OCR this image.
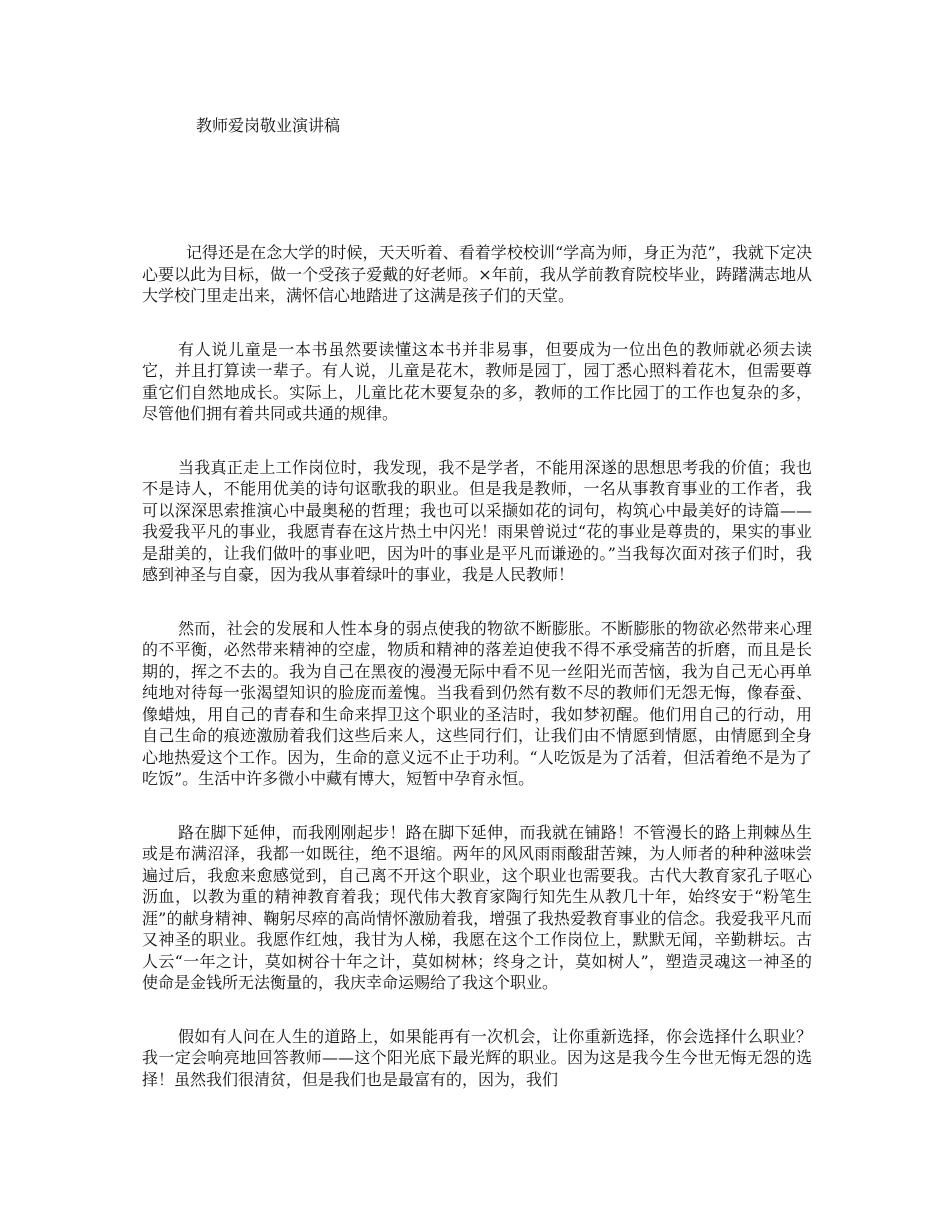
教师爱岗敬业演讲稿

记得还是在念大学的时候，天天听着、看着学校校训“学高为师，身正为范”，我就下定决心要以此为目标，做一个受孩子爱戴的好老师。×年前，我从学前教育院校毕业，踌躇满志地从大学校门里走出来，满怀信心地踏进了这满是孩子们的天堂。

有人说儿童是一本书虽然要读懂这本书并非易事，但要成为一位出色的教师就必须去读它，并且打算读一辈子。有人说，儿童是花木，教师是园丁，园丁悉心照料着花木，但需要尊重它们自然地成长。实际上，儿童比花木要复杂的多，教师的工作比园丁的工作也复杂的多，尽管他们拥有着共同或共通的规律。

当我真正走上工作岗位时，我发现，我不是学者，不能用深遂的思想思考我的价值；我也不是诗人，不能用优美的诗句讴歌我的职业。但是我是教师，一名从事教育事业的工作者，我可以深深思索推演心中最奥秘的哲理；我也可以采撷如花的词句，构筑心中最美好的诗篇——我爱我平凡的事业，我愿青春在这片热土中闪光！雨果曾说过“花的事业是尊贵的，果实的事业是甜美的，让我们做叶的事业吧，因为叶的事业是平凡而谦逊的。”当我每次面对孩子们时，我感到神圣与自豪，因为我从事着绿叶的事业，我是人民教师！

然而，社会的发展和人性本身的弱点使我的物欲不断膨胀。不断膨胀的物欲必然带来心理的不平衡，必然带来精神的空虚，物质和精神的落差迫使我不得不承受痛苦的折磨，而且是长期的，挥之不去的。我为自己在黑夜的漫漫无际中看不见一丝阳光而苦恼，我为自己无心再单纯地对待每一张渴望知识的脸庞而羞愧。当我看到仍然有数不尽的教师们无怨无悔，像春蚕、像蜡烛，用自己的青春和生命来捍卫这个职业的圣洁时，我如梦初醒。他们用自己的行动，用自己生命的痕迹激励着我们这些后来人，这些同行们，让我们由不情愿到情愿，由情愿到全身心地热爱这个工作。因为，生命的意义远不止于功利。“人吃饭是为了活着，但活着绝不是为了吃饭”。生活中许多微小中藏有博大，短暂中孕育永恒。

路在脚下延伸，而我刚刚起步！路在脚下延伸，而我就在铺路！不管漫长的路上荆棘丛生或是布满沼泽，我都一如既往，绝不退缩。两年的风风雨雨酸甜苦辣，为人师者的种种滋味尝遍过后，我愈来愈感觉到，自己离不开这个职业，这个职业也需要我。古代大教育家孔子呕心沥血，以教为重的精神教育着我；现代伟大教育家陶行知先生从教几十年，始终安于“粉笔生涯”的献身精神、鞠躬尽瘁的高尚情怀激励着我，增强了我热爱教育事业的信念。我爱我平凡而又神圣的职业。我愿作红烛，我甘为人梯，我愿在这个工作岗位上，默默无闻，辛勤耕坛。古人云“一年之计，莫如树谷十年之计，莫如树林；终身之计，莫如树人”，塑造灵魂这一神圣的使命是金钱所无法衡量的，我庆幸命运赐给了我这个职业。

假如有人问在人生的道路上，如果能再有一次机会，让你重新选择，你会选择什么职业？我一定会响亮地回答教师——这个阳光底下最光辉的职业。因为这是我今生今世无悔无怨的选择！虽然我们很清贫，但是我们也是最富有的，因为，我们
